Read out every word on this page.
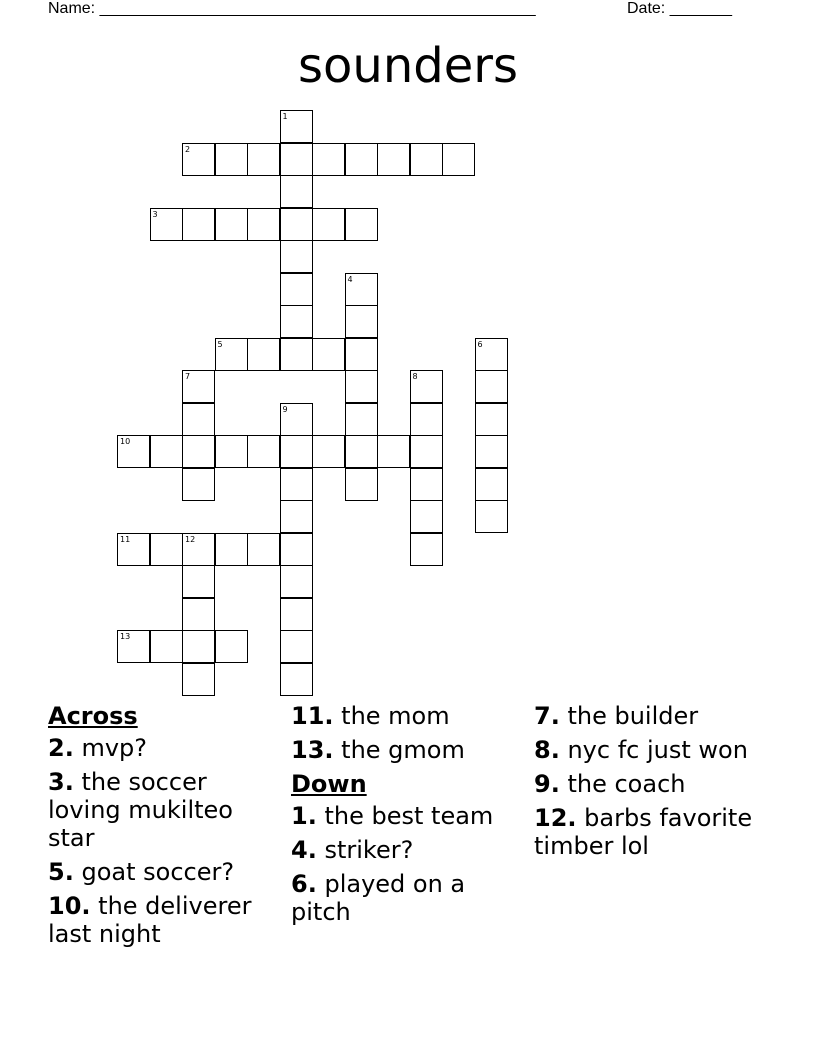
Name: _________________________________________________	Date: _______
sounders
1
2
3
4
5	6
7	8
9
10
11	12
13
Across
2. mvp?
3. the soccer loving mukilteo star
5. goat soccer?
10. the deliverer last night
11. the mom
13. the gmom
Down
1. the best team
4. striker?
6. played on a pitch
7. the builder
8. nyc fc just won
9. the coach
12. barbs favorite timber lol
